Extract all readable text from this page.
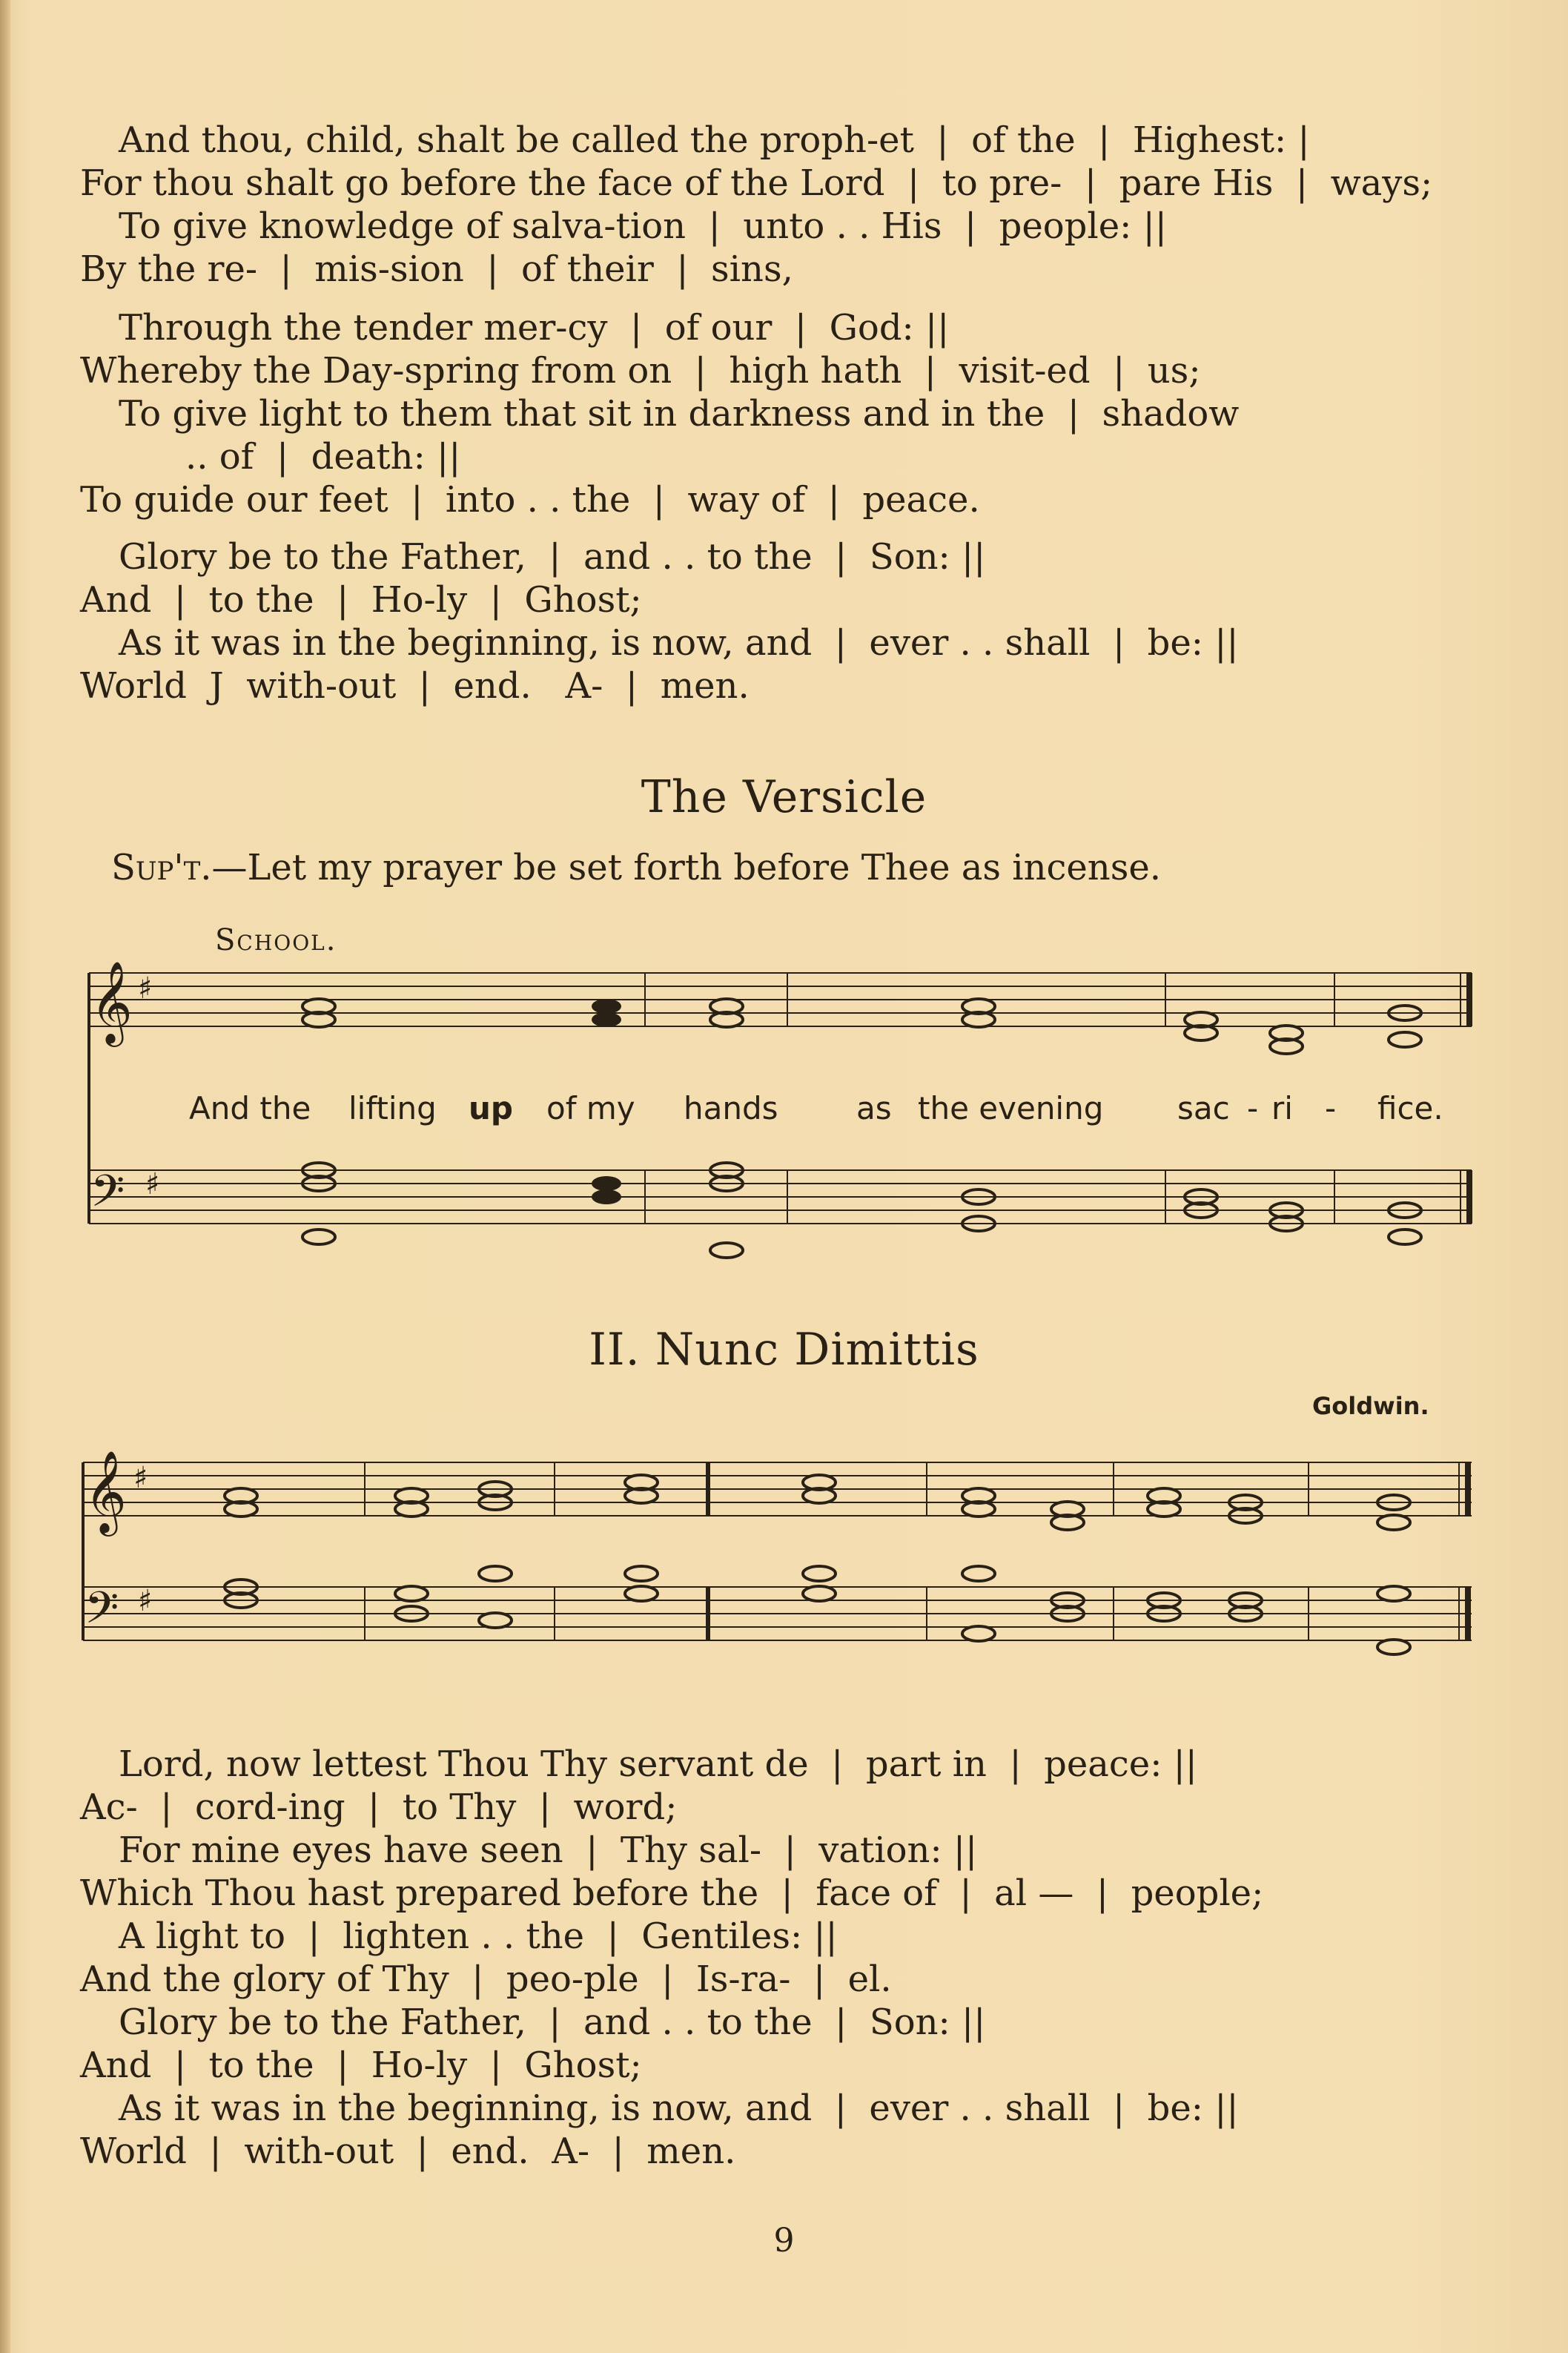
And thou, child, shalt be called the proph-et  |  of the  |  Highest: |
For thou shalt go before the face of the Lord  |  to pre-  |  pare His  |  ways;
To give knowledge of salva-tion  |  unto . . His  |  people: ||
By the re-  |  mis-sion  |  of their  |  sins,
Through the tender mer-cy  |  of our  |  God: ||
Whereby the Day-spring from on  |  high hath  |  visit-ed  |  us;
To give light to them that sit in darkness and in the  |  shadow
.. of  |  death: ||
To guide our feet  |  into . . the  |  way of  |  peace.
Glory be to the Father,  |  and . . to the  |  Son: ||
And  |  to the  |  Ho-ly  |  Ghost;
As it was in the beginning, is now, and  |  ever . . shall  |  be: ||
World  J  with-out  |  end.   A-  |  men.
The Versicle
Sup't.—Let my prayer be set forth before Thee as incense.
School.
𝄞
𝄢
♯
♯
And the lifting up of my hands	as the evening sac - ri - fice.
II. Nunc Dimittis
Goldwin.
𝄞
𝄢
♯
♯
Lord, now lettest Thou Thy servant de  |  part in  |  peace: ||
Ac-  |  cord-ing  |  to Thy  |  word;
For mine eyes have seen  |  Thy sal-  |  vation: ||
Which Thou hast prepared before the  |  face of  |  al —  |  people;
A light to  |  lighten . . the  |  Gentiles: ||
And the glory of Thy  |  peo-ple  |  Is-ra-  |  el.
Glory be to the Father,  |  and . . to the  |  Son: ||
And  |  to the  |  Ho-ly  |  Ghost;
As it was in the beginning, is now, and  |  ever . . shall  |  be: ||
World  |  with-out  |  end.  A-  |  men.
9
